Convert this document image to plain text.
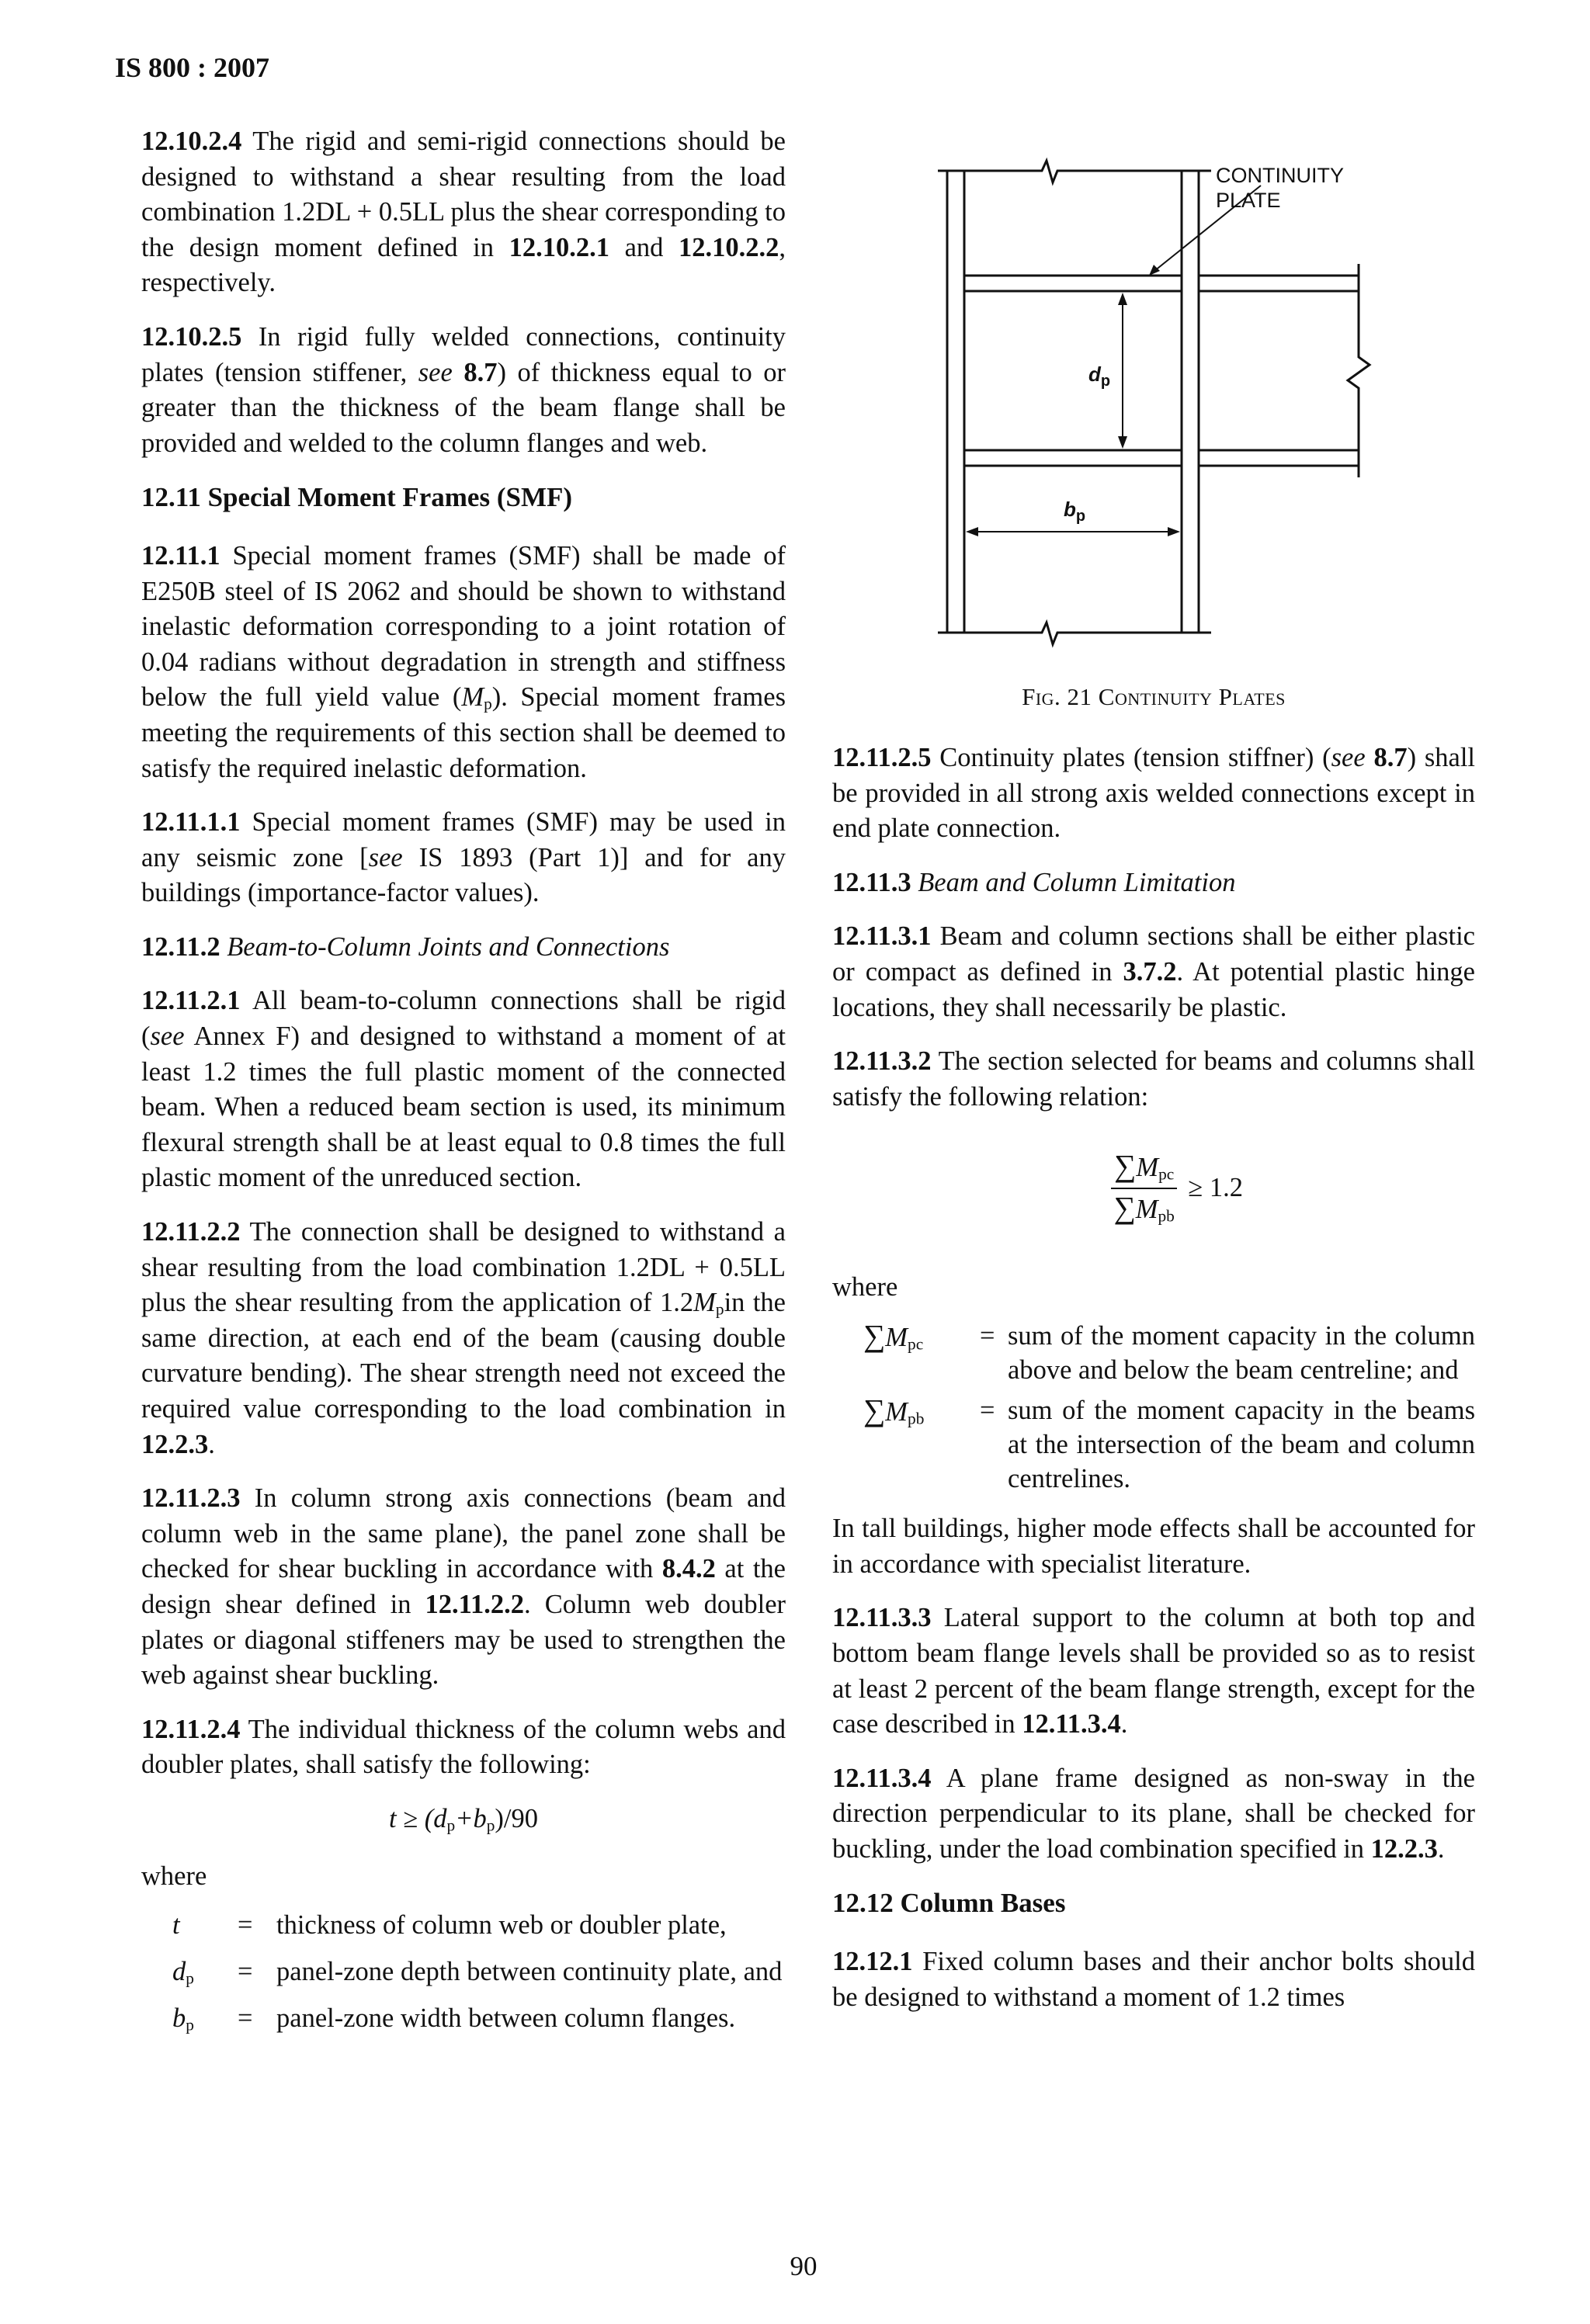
IS 800 : 2007

12.10.2.4 The rigid and semi-rigid connections should be designed to withstand a shear resulting from the load combination 1.2DL + 0.5LL plus the shear corresponding to the design moment defined in 12.10.2.1 and 12.10.2.2, respectively.

12.10.2.5 In rigid fully welded connections, continuity plates (tension stiffener, see 8.7) of thickness equal to or greater than the thickness of the beam flange shall be provided and welded to the column flanges and web.

12.11 Special Moment Frames (SMF)

12.11.1 Special moment frames (SMF) shall be made of E250B steel of IS 2062 and should be shown to withstand inelastic deformation corresponding to a joint rotation of 0.04 radians without degradation in strength and stiffness below the full yield value $(M_p)$. Special moment frames meeting the requirements of this section shall be deemed to satisfy the required inelastic deformation.

12.11.1.1 Special moment frames (SMF) may be used in any seismic zone [see IS 1893 (Part 1)] and for any buildings (importance-factor values).

12.11.2 Beam-to-Column Joints and Connections

12.11.2.1 All beam-to-column connections shall be rigid (see Annex F) and designed to withstand a moment of at least 1.2 times the full plastic moment of the connected beam. When a reduced beam section is used, its minimum flexural strength shall be at least equal to 0.8 times the full plastic moment of the unreduced section.

12.11.2.2 The connection shall be designed to withstand a shear resulting from the load combination 1.2DL + 0.5LL plus the shear resulting from the application of $1.2M_pin$ the same direction, at each end of the beam (causing double curvature bending). The shear strength need not exceed the required value corresponding to the load combination in 12.2.3.

12.11.2.3 In column strong axis connections (beam and column web in the same plane), the panel zone shall be checked for shear buckling in accordance with 8.4.2 at the design shear defined in 12.11.2.2. Column web doubler plates or diagonal stiffeners may be used to strengthen the web against shear buckling.

12.11.2.4 The individual thickness of the column webs and doubler plates, shall satisfy the following:

$t \ge (d_p+b_p)/90$
where
t	= thickness of column web or doubler plate,
$d_p$	= panel-zone depth between continuity plate, and
$b_p$	= panel-zone width between column flanges.
CONTINUITY
PLATE
$d_p$
$b_p$
Fig. 21 Continuity Plates

12.11.2.5 Continuity plates (tension stiffner) (see 8.7) shall be provided in all strong axis welded connections except in end plate connection.

12.11.3 Beam and Column Limitation

12.11.3.1 Beam and column sections shall be either plastic or compact as defined in 3.7.2. At potential plastic hinge locations, they shall necessarily be plastic.

12.11.3.2 The section selected for beams and columns shall satisfy the following relation:

$\frac{\sum M_{pc}}{\sum M_{pb}} \ge 1.2$
where
$\sum M_{pc}$	= sum of the moment capacity in the column above and below the beam centreline; and
$\sum M_{pb}$	= sum of the moment capacity in the beams at the intersection of the beam and column centrelines.

In tall buildings, higher mode effects shall be accounted for in accordance with specialist literature.

12.11.3.3 Lateral support to the column at both top and bottom beam flange levels shall be provided so as to resist at least 2 percent of the beam flange strength, except for the case described in 12.11.3.4.

12.11.3.4 A plane frame designed as non-sway in the direction perpendicular to its plane, shall be checked for buckling, under the load combination specified in 12.2.3.

12.12 Column Bases

12.12.1 Fixed column bases and their anchor bolts should be designed to withstand a moment of 1.2 times

90
